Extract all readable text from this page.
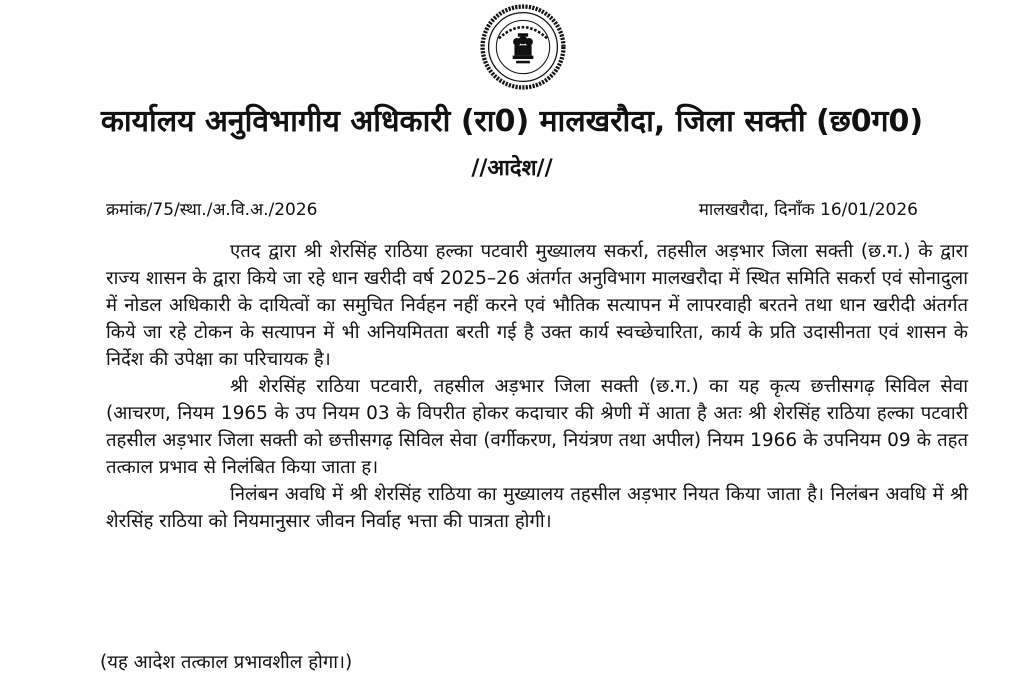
कार्यालय अनुविभागीय अधिकारी (रा0) मालखरौदा, जिला सक्ती (छ0ग0)
//आदेश//
क्रमांक/75/स्था./अ.वि.अ./2026	मालखरौदा, दिनाँक 16/01/2026

एतद द्वारा श्री शेरसिंह राठिया हल्का पटवारी मुख्यालय सकर्रा, तहसील अड़भार जिला सक्ती (छ.ग.) के द्वारा राज्य शासन के द्वारा किये जा रहे धान खरीदी वर्ष 2025–26 अंतर्गत अनुविभाग मालखरौदा में स्थित समिति सकर्रा एवं सोनादुला में नोडल अधिकारी के दायित्वों का समुचित निर्वहन नहीं करने एवं भौतिक सत्यापन में लापरवाही बरतने तथा धान खरीदी अंतर्गत किये जा रहे टोकन के सत्यापन में भी अनियमितता बरती गई है उक्त कार्य स्वच्छेचारिता, कार्य के प्रति उदासीनता एवं शासन के निर्देश की उपेक्षा का परिचायक है।

श्री शेरसिंह राठिया पटवारी, तहसील अड़भार जिला सक्ती (छ.ग.) का यह कृत्य छत्तीसगढ़ सिविल सेवा (आचरण, नियम 1965 के उप नियम 03 के विपरीत होकर कदाचार की श्रेणी में आता है अतः श्री शेरसिंह राठिया हल्का पटवारी तहसील अड़भार जिला सक्ती को छत्तीसगढ़ सिविल सेवा (वर्गीकरण, नियंत्रण तथा अपील) नियम 1966 के उपनियम 09 के तहत तत्काल प्रभाव से निलंबित किया जाता ह।

निलंबन अवधि में श्री शेरसिंह राठिया का मुख्यालय तहसील अड़भार नियत किया जाता है। निलंबन अवधि में श्री शेरसिंह राठिया को नियमानुसार जीवन निर्वाह भत्ता की पात्रता होगी।

(यह आदेश तत्काल प्रभावशील होगा।)
